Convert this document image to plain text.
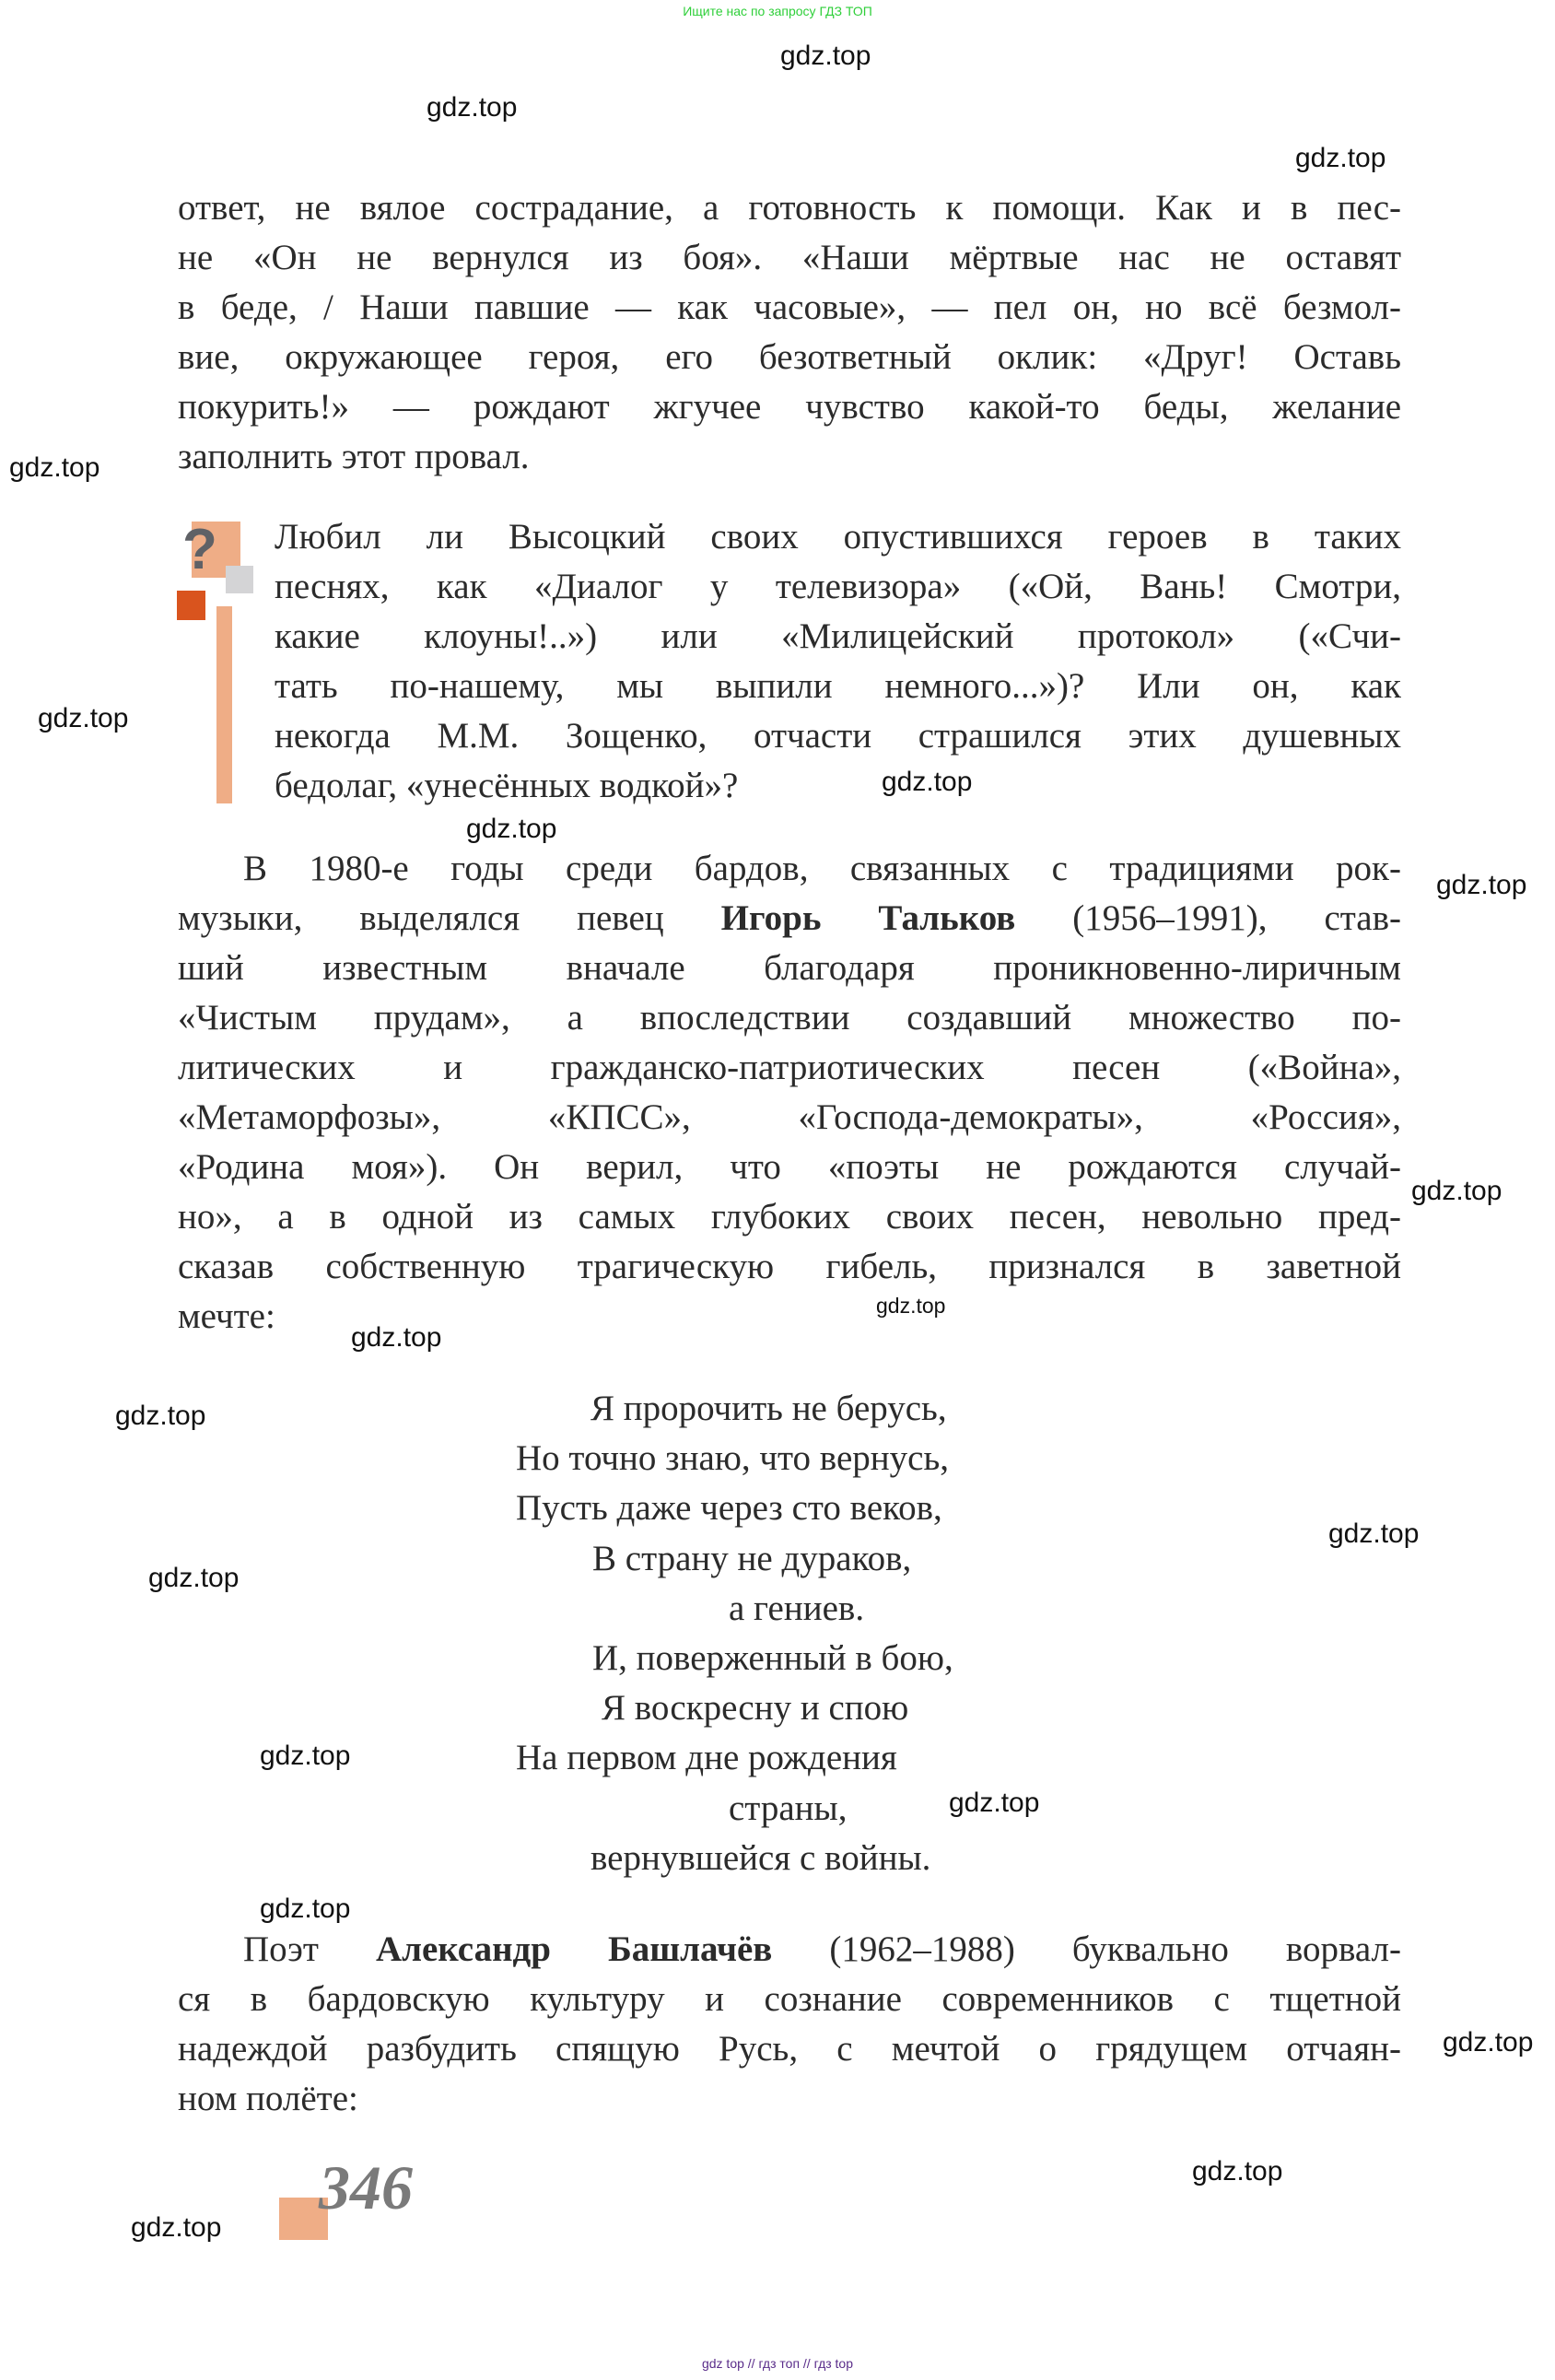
Ищите нас по запросу ГДЗ ТОП
ответ, не вялое сострадание, а готовность к помощи. Как и в пес-
не «Он не вернулся из боя». «Наши мёртвые нас не оставят
в беде, / Наши павшие — как часовые», — пел он, но всё безмол-
вие, окружающее героя, его безответный оклик: «Друг! Оставь
покурить!» — рождают жгучее чувство какой-то беды, желание
заполнить этот провал.
? Любил ли Высоцкий своих опустившихся героев в таких
песнях, как «Диалог у телевизора» («Ой, Вань! Смотри,
какие клоуны!..») или «Милицейский протокол» («Счи-
тать по-нашему, мы выпили немного...»)? Или он, как
некогда М.М. Зощенко, отчасти страшился этих душевных
бедолаг, «унесённых водкой»?
В 1980-е годы среди бардов, связанных с традициями рок-
музыки, выделялся певец Игорь Тальков (1956–1991), став-
ший известным вначале благодаря проникновенно-лиричным
«Чистым прудам», а впоследствии создавший множество по-
литических и гражданско-патриотических песен («Война»,
«Метаморфозы», «КПСС», «Господа-демократы», «Россия»,
«Родина моя»). Он верил, что «поэты не рождаются случай-
но», а в одной из самых глубоких своих песен, невольно пред-
сказав собственную трагическую гибель, признался в заветной
мечте:
Я пророчить не берусь,
Но точно знаю, что вернусь,
Пусть даже через сто веков,
В страну не дураков,
а гениев.
И, поверженный в бою,
Я воскресну и спою
На первом дне рождения
страны,
вернувшейся с войны.
Поэт Александр Башлачёв (1962–1988) буквально ворвал-
ся в бардовскую культуру и сознание современников с тщетной
надеждой разбудить спящую Русь, с мечтой о грядущем отчаян-
ном полёте:
346
gdz.top
gdz.top
gdz.top
gdz.top
gdz.top
gdz.top
gdz.top
gdz.top
gdz.top
gdz.top
gdz.top
gdz.top
gdz.top
gdz.top
gdz.top
gdz.top
gdz.top
gdz.top
gdz.top
gdz.top
gdz top // гдз топ // гдз top
